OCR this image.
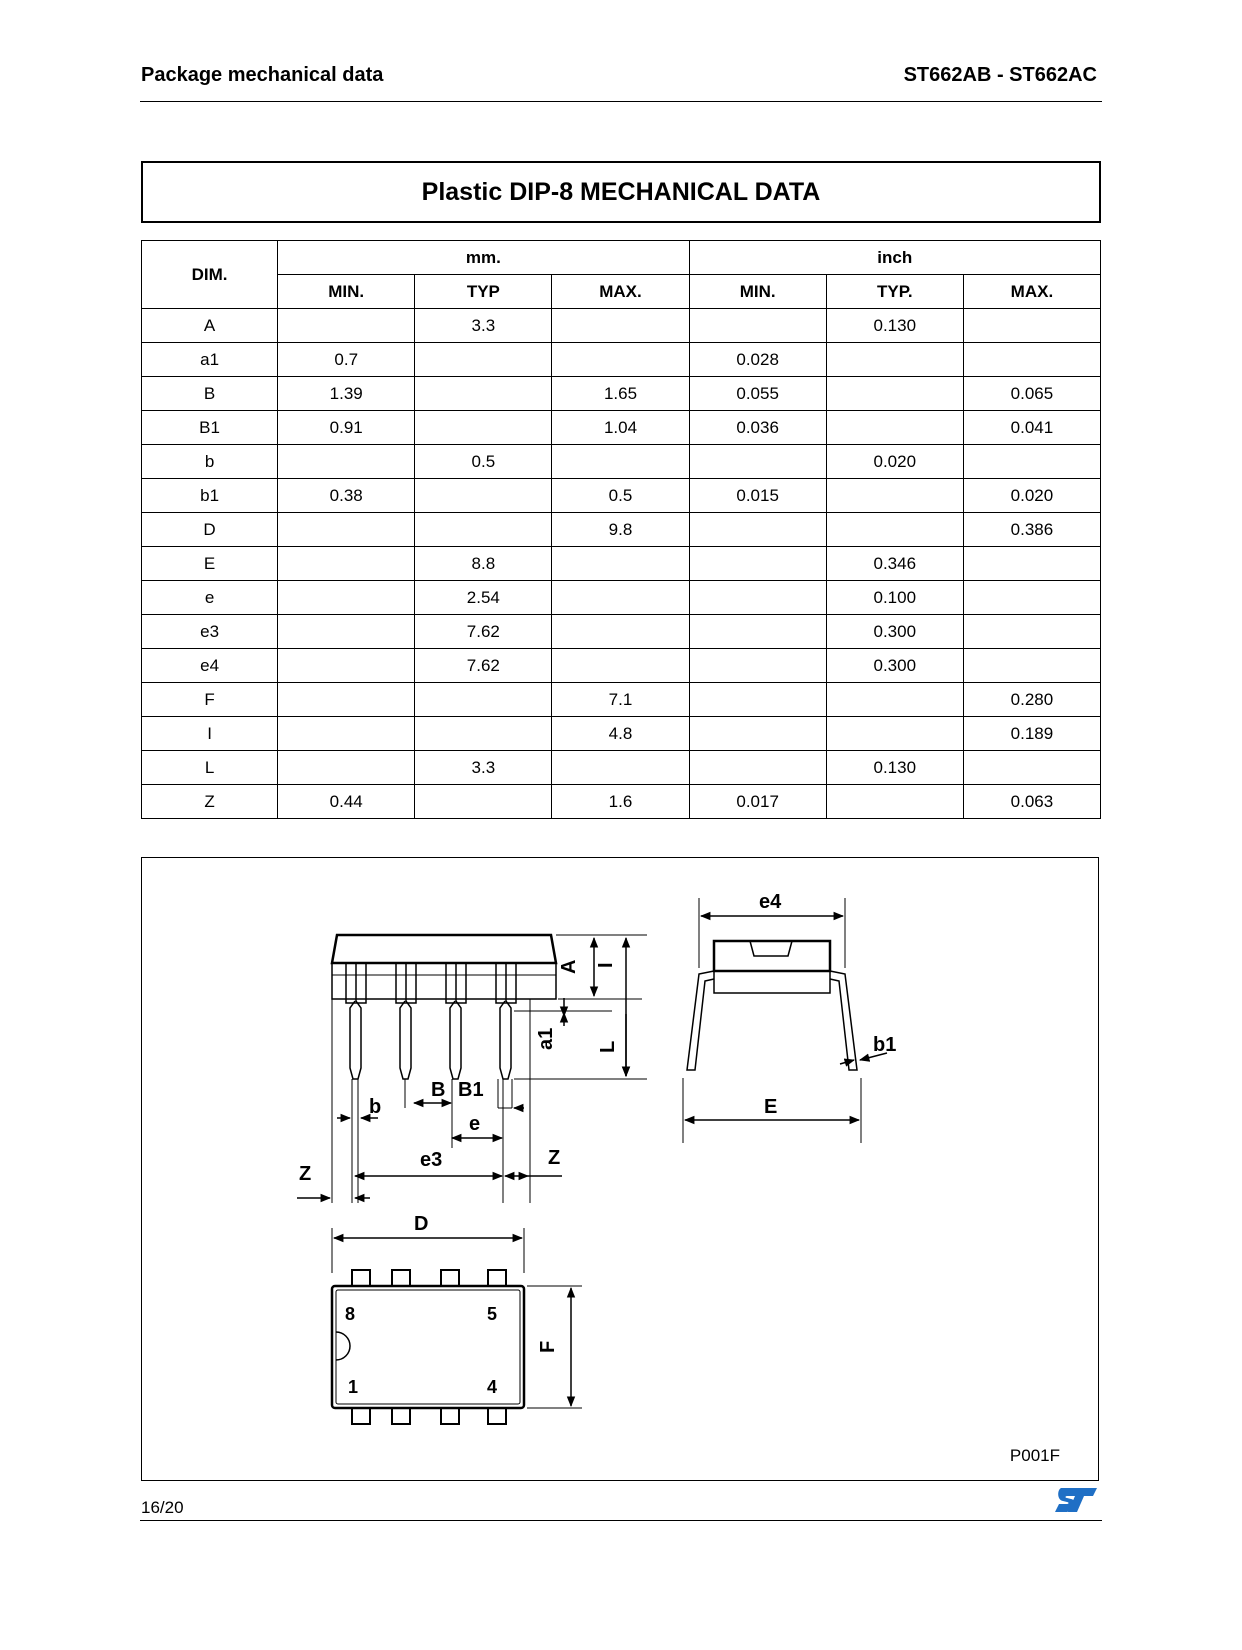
Package mechanical data	ST662AB - ST662AC
Plastic DIP-8 MECHANICAL DATA
DIM.	mm.			inch		
	MIN.	TYP	MAX.	MIN.	TYP.	MAX.
A		3.3			0.130	
a1	0.7			0.028		
B	1.39		1.65	0.055		0.065
B1	0.91		1.04	0.036		0.041
b		0.5			0.020	
b1	0.38		0.5	0.015		0.020
D			9.8			0.386
E		8.8			0.346	
e		2.54			0.100	
e3		7.62			0.300	
e4		7.62			0.300	
F			7.1			0.280
I			4.8			0.189
L		3.3			0.130	
Z	0.44		1.6	0.017		0.063
A I
a1 L
b
B B1
e
e3
Z
Z
e4
b1
E
D
F
8	5
1	4
P001F
16/20
